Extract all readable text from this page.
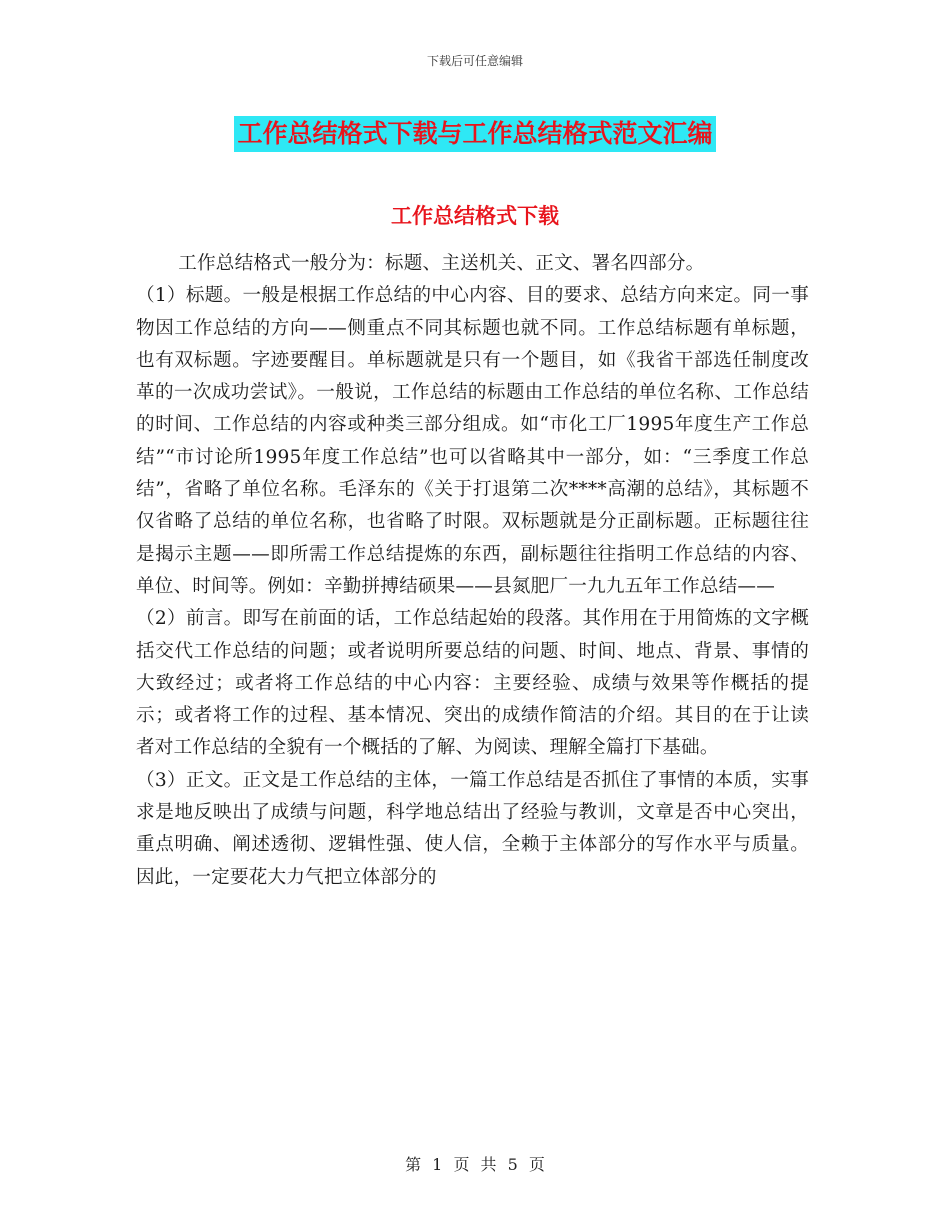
下载后可任意编辑
工作总结格式下载与工作总结格式范文汇编
工作总结格式下载

工作总结格式一般分为：标题、主送机关、正文、署名四部分。

（1）标题。一般是根据工作总结的中心内容、目的要求、总结方向来定。同一事物因工作总结的方向——侧重点不同其标题也就不同。工作总结标题有单标题，也有双标题。字迹要醒目。单标题就是只有一个题目，如《我省干部选任制度改革的一次成功尝试》。一般说，工作总结的标题由工作总结的单位名称、工作总结的时间、工作总结的内容或种类三部分组成。如“市化工厂1995年度生产工作总结”“市讨论所1995年度工作总结”也可以省略其中一部分，如：“三季度工作总结”，省略了单位名称。毛泽东的《关于打退第二次****高潮的总结》，其标题不仅省略了总结的单位名称，也省略了时限。双标题就是分正副标题。正标题往往是揭示主题——即所需工作总结提炼的东西，副标题往往指明工作总结的内容、单位、时间等。例如：辛勤拼搏结硕果——县氮肥厂一九九五年工作总结——

（2）前言。即写在前面的话，工作总结起始的段落。其作用在于用简炼的文字概括交代工作总结的问题；或者说明所要总结的问题、时间、地点、背景、事情的大致经过；或者将工作总结的中心内容：主要经验、成绩与效果等作概括的提示；或者将工作的过程、基本情况、突出的成绩作简洁的介绍。其目的在于让读者对工作总结的全貌有一个概括的了解、为阅读、理解全篇打下基础。

（3）正文。正文是工作总结的主体，一篇工作总结是否抓住了事情的本质，实事求是地反映出了成绩与问题，科学地总结出了经验与教训，文章是否中心突出，重点明确、阐述透彻、逻辑性强、使人信，全赖于主体部分的写作水平与质量。因此，一定要花大力气把立体部分的

第 1 页 共 5 页
